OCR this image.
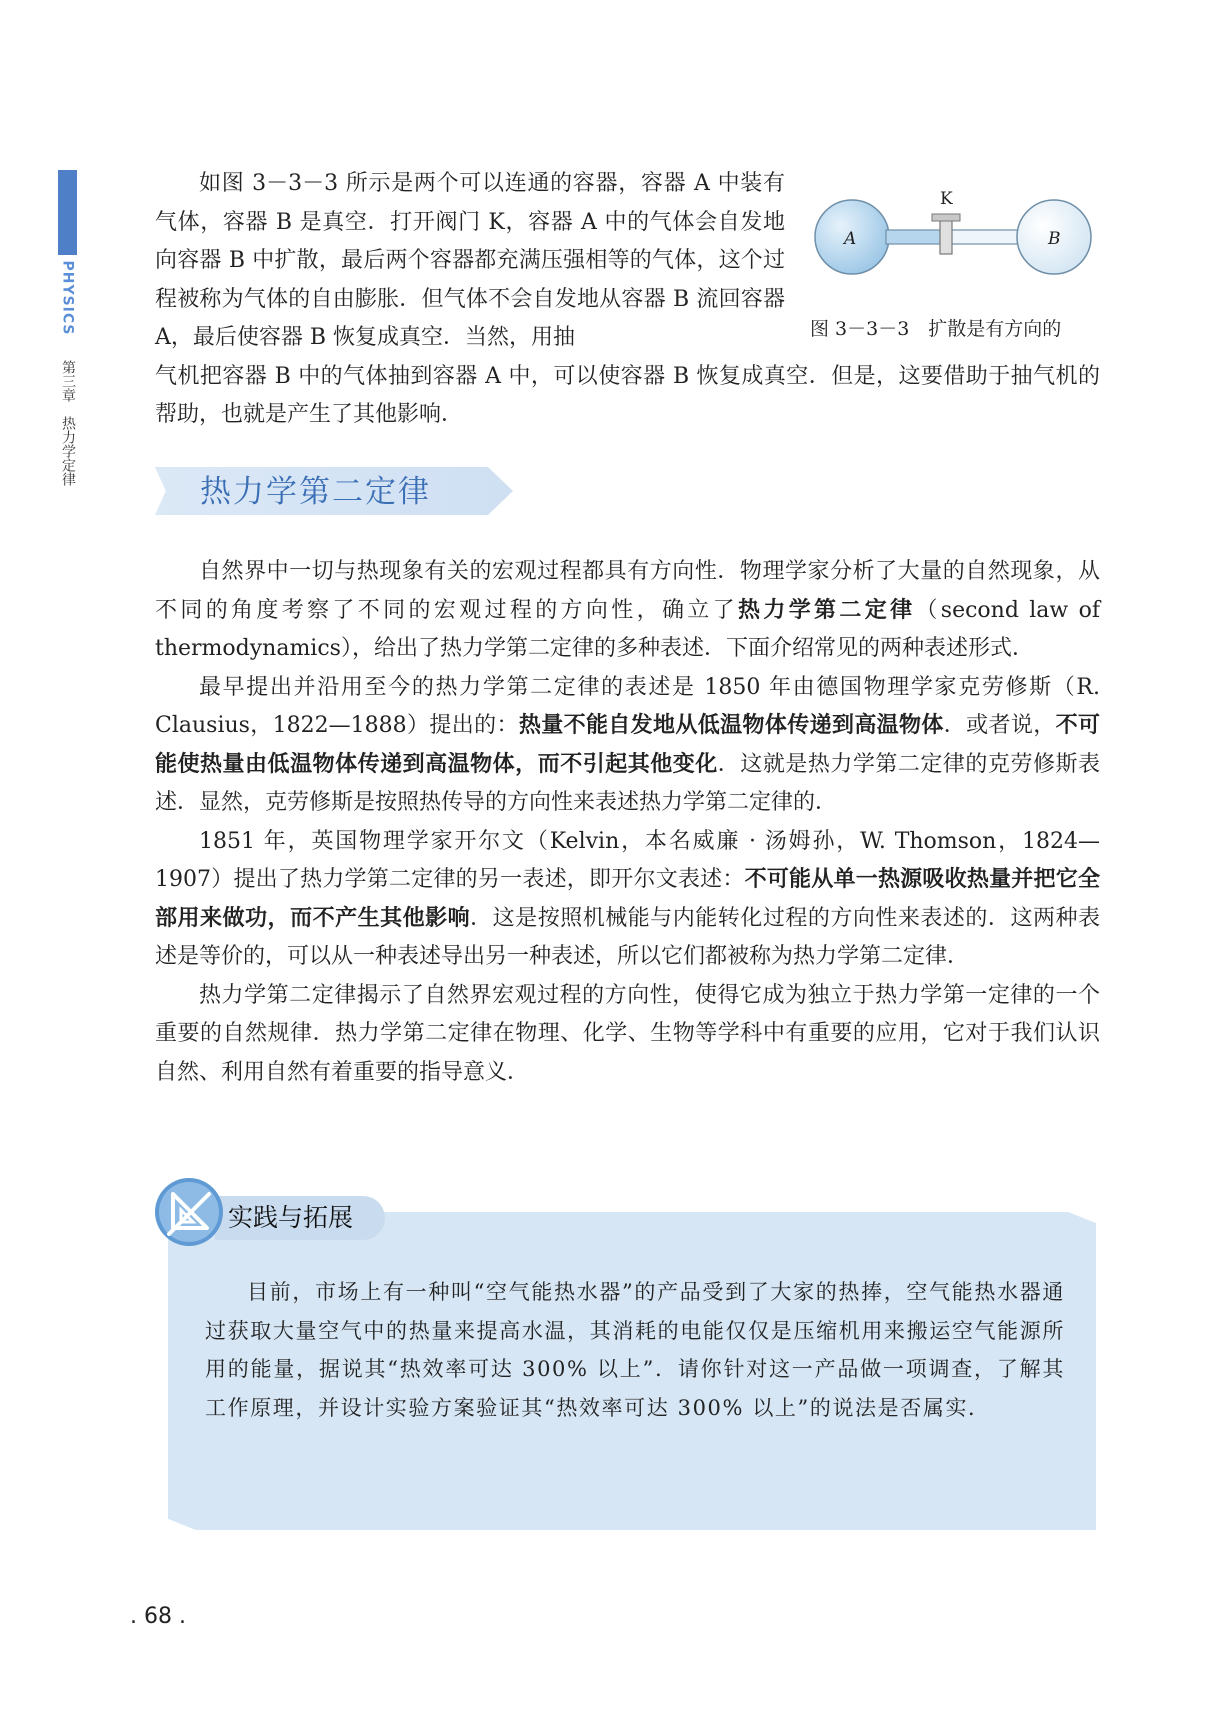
PHYSICS
第三章热力学定律

如图 3－3－3 所示是两个可以连通的容器，容器 A 中装有气体，容器 B 是真空．打开阀门 K，容器 A 中的气体会自发地向容器 B 中扩散，最后两个容器都充满压强相等的气体，这个过程被称为气体的自由膨胀．但气体不会自发地从容器 B 流回容器 A，最后使容器 B 恢复成真空．当然，用抽

气机把容器 B 中的气体抽到容器 A 中，可以使容器 B 恢复成真空．但是，这要借助于抽气机的帮助，也就是产生了其他影响．

K
A	B
图 3－3－3　扩散是有方向的
热力学第二定律

自然界中一切与热现象有关的宏观过程都具有方向性．物理学家分析了大量的自然现象，从不同的角度考察了不同的宏观过程的方向性，确立了热力学第二定律（second law of thermodynamics），给出了热力学第二定律的多种表述．下面介绍常见的两种表述形式．

最早提出并沿用至今的热力学第二定律的表述是 1850 年由德国物理学家克劳修斯（R. Clausius，1822—1888）提出的：热量不能自发地从低温物体传递到高温物体．或者说，不可能使热量由低温物体传递到高温物体，而不引起其他变化．这就是热力学第二定律的克劳修斯表述．显然，克劳修斯是按照热传导的方向性来表述热力学第二定律的．

1851 年，英国物理学家开尔文（Kelvin，本名威廉 · 汤姆孙，W. Thomson，1824—1907）提出了热力学第二定律的另一表述，即开尔文表述：不可能从单一热源吸收热量并把它全部用来做功，而不产生其他影响．这是按照机械能与内能转化过程的方向性来表述的．这两种表述是等价的，可以从一种表述导出另一种表述，所以它们都被称为热力学第二定律．

热力学第二定律揭示了自然界宏观过程的方向性，使得它成为独立于热力学第一定律的一个重要的自然规律．热力学第二定律在物理、化学、生物等学科中有重要的应用，它对于我们认识自然、利用自然有着重要的指导意义．

实践与拓展

目前，市场上有一种叫“空气能热水器”的产品受到了大家的热捧，空气能热水器通过获取大量空气中的热量来提高水温，其消耗的电能仅仅是压缩机用来搬运空气能源所用的能量，据说其“热效率可达 300% 以上”．请你针对这一产品做一项调查，了解其工作原理，并设计实验方案验证其“热效率可达 300% 以上”的说法是否属实．

. 68 .
